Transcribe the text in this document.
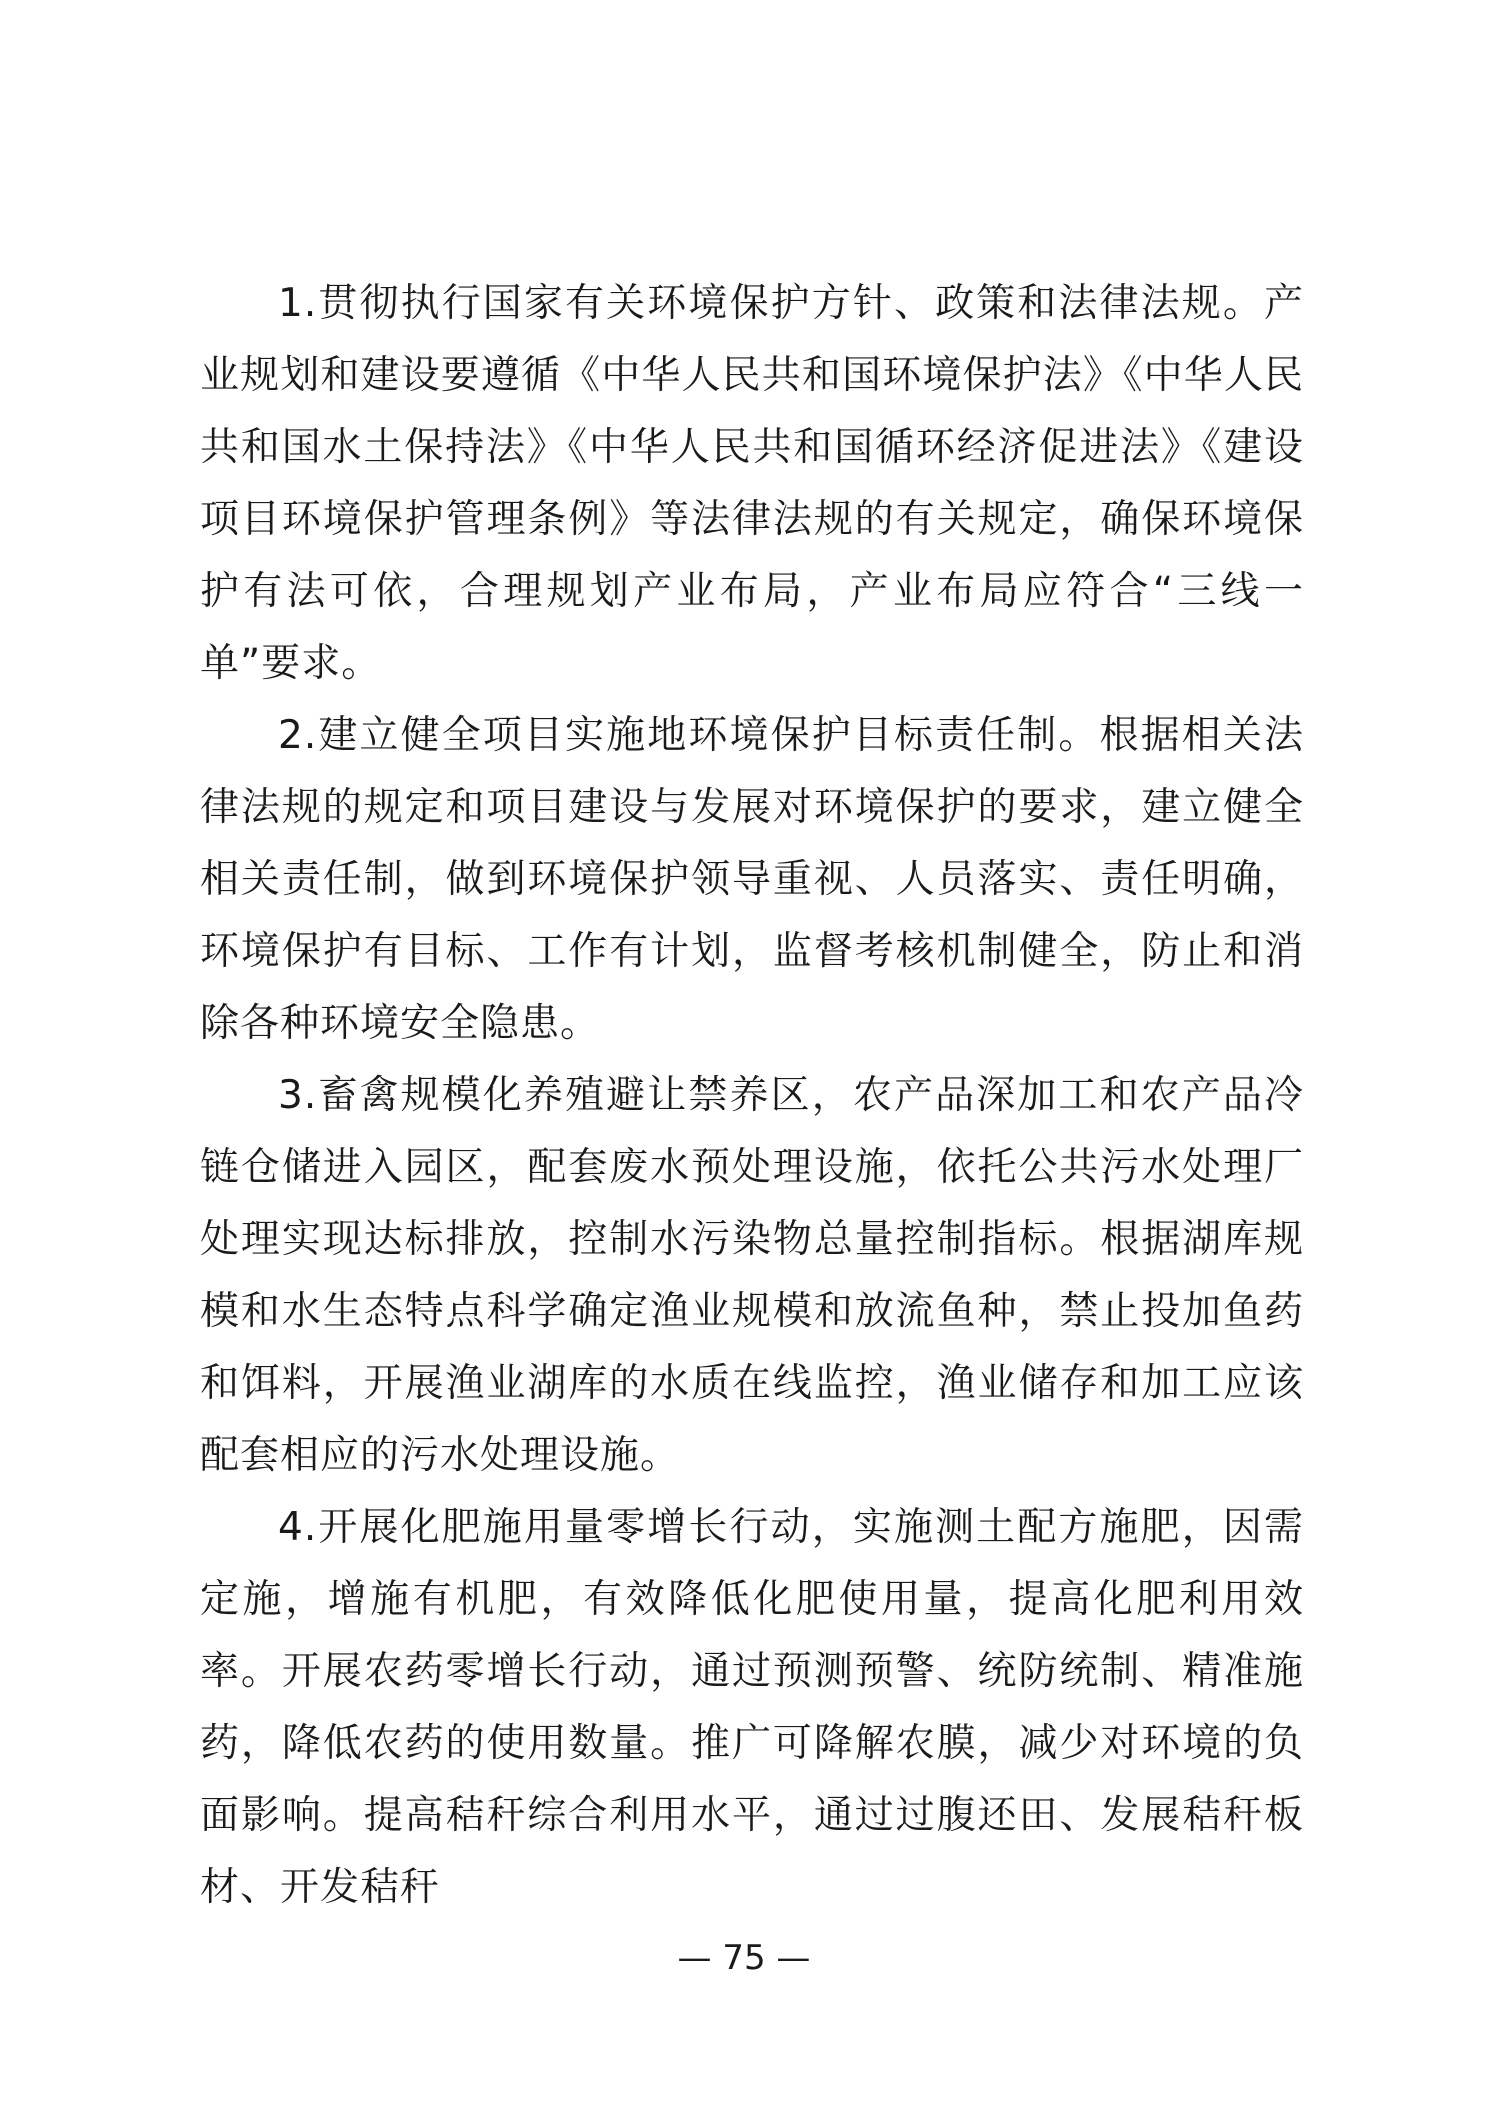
1.贯彻执行国家有关环境保护方针、政策和法律法规。产业规划和建设要遵循《中华人民共和国环境保护法》《中华人民共和国水土保持法》《中华人民共和国循环经济促进法》《建设项目环境保护管理条例》等法律法规的有关规定，确保环境保护有法可依，合理规划产业布局，产业布局应符合“三线一单”要求。

2.建立健全项目实施地环境保护目标责任制。根据相关法律法规的规定和项目建设与发展对环境保护的要求，建立健全相关责任制，做到环境保护领导重视、人员落实、责任明确，环境保护有目标、工作有计划，监督考核机制健全，防止和消除各种环境安全隐患。

3.畜禽规模化养殖避让禁养区，农产品深加工和农产品冷链仓储进入园区，配套废水预处理设施，依托公共污水处理厂处理实现达标排放，控制水污染物总量控制指标。根据湖库规模和水生态特点科学确定渔业规模和放流鱼种，禁止投加鱼药和饵料，开展渔业湖库的水质在线监控，渔业储存和加工应该配套相应的污水处理设施。

4.开展化肥施用量零增长行动，实施测土配方施肥，因需定施，增施有机肥，有效降低化肥使用量，提高化肥利用效率。开展农药零增长行动，通过预测预警、统防统制、精准施药，降低农药的使用数量。推广可降解农膜，减少对环境的负面影响。提高秸秆综合利用水平，通过过腹还田、发展秸秆板材、开发秸秆

— 75 —
